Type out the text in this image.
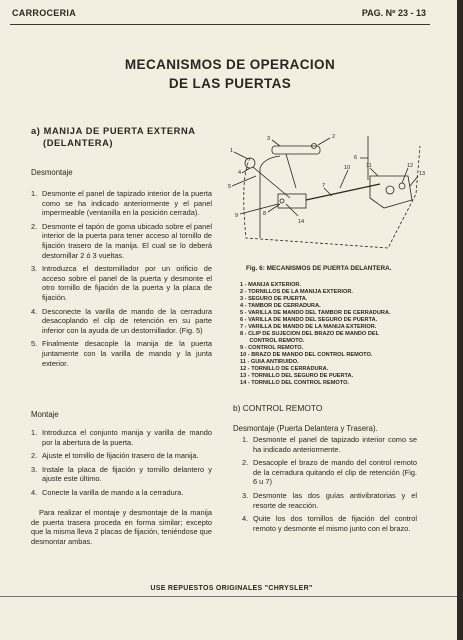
CARROCERIA	PAG. Nº 23 - 13
MECANISMOS DE OPERACION
DE LAS PUERTAS
a) MANIJA DE PUERTA EXTERNA
(DELANTERA)
Desmontaje
1. Desmonte el panel de tapizado interior de la puerta como se ha indicado anteriormente y el panel impermeable (ventanilla en la posición cerrada).
2. Desmonte el tapón de goma ubicado sobre el panel interior de la puerta para tener acceso al tornillo de fijación trasero de la manija. El cual se lo deberá destornillar 2 ó 3 vueltas.
3. Introduzca el destornillador por un orificio de acceso sobre el panel de la puerta y desmonte el otro tornillo de fijación de la puerta y la placa de fijación.
4. Desconecte la varilla de mando de la cerradura desacoplando el clip de retención en su parte inferior con la ayuda de un destornillador. (Fig. 5)
5. Finalmente desacople la manija de la puerta juntamente con la varilla de mando y la junta exterior.
Montaje
1. Introduzca el conjunto manija y varilla de mando por la abertura de la puerta.
2. Ajuste el tornillo de fijación trasero de la manija.
3. Instale la placa de fijación y tornillo delantero y ajuste este último.
4. Conecte la varilla de mando a la cerradura.
Para realizar el montaje y desmontaje de la manija de puerta trasera proceda en forma similar; excepto que la misma lleva 2 placas de fijación, teniéndose que desmontar ambas.
1
2
3
4
5
6
7
8
9
10	11	12
13
14
Fig. 6: MECANISMOS DE PUERTA DELANTERA.
1 - MANIJA EXTERIOR.
2 - TORNILLOS DE LA MANIJA EXTERIOR.
3 - SEGURO DE PUERTA.
4 - TAMBOR DE CERRADURA.
5 - VARILLA DE MANDO DEL TAMBOR DE CERRADURA.
6 - VARILLA DE MANDO DEL SEGURO DE PUERTA.
7 - VARILLA DE MANDO DE LA MANIJA EXTERIOR.
8 - CLIP DE SUJECION DEL BRAZO DE MANDO DEL
CONTROL REMOTO.
9 - CONTROL REMOTO.
10 - BRAZO DE MANDO DEL CONTROL REMOTO.
11 - GUIA ANTIRUIDO.
12 - TORNILLO DE CERRADURA.
13 - TORNILLO DEL SEGURO DE PUERTA.
14 - TORNILLO DEL CONTROL REMOTO.
b) CONTROL REMOTO
Desmontaje (Puerta Delantera y Trasera).
1. Desmonte el panel de tapizado interior como se ha indicado anteriormente.
2. Desacople el brazo de mando del control remoto de la cerradura quitando el clip de retención (Fig. 6 u 7)
3. Desmonte las dos guías antivibratorias y el resorte de reacción.
4. Quite los dos tornillos de fijación del control remoto y desmonte el mismo junto con el brazo.
USE REPUESTOS ORIGINALES "CHRYSLER"
